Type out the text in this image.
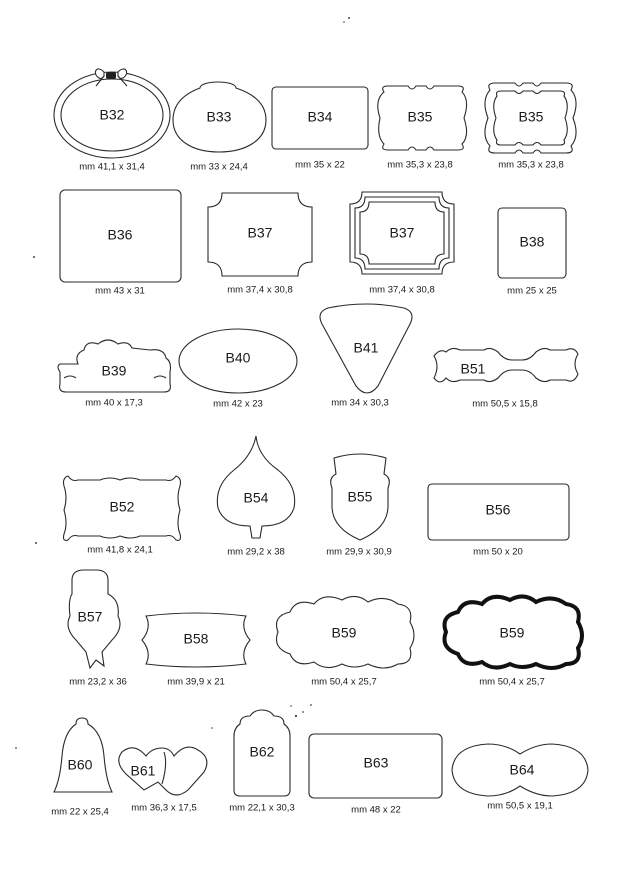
B32
mm 41,1 x 31,4
B33
mm 33 x 24,4
B34
mm 35 x 22
B35
mm 35,3 x 23,8
B35
mm 35,3 x 23,8
B36
mm 43 x 31
B37
mm 37,4 x 30,8
B37
mm 37,4 x 30,8
B38
mm 25 x 25
B39
mm 40 x 17,3
B40
mm 42 x 23
B41
mm 34 x 30,3
B51
mm 50,5 x 15,8
B52
mm 41,8 x 24,1
B54
mm 29,2 x 38
B55
mm 29,9 x 30,9
B56
mm 50 x 20
B57
mm 23,2 x 36
B58
mm 39,9 x 21
B59
mm 50,4 x 25,7
B59
mm 50,4 x 25,7
B60
mm 22 x 25,4
B61
mm 36,3 x 17,5
B62
mm 22,1 x 30,3
B63
mm 48 x 22
B64
mm 50,5 x 19,1
